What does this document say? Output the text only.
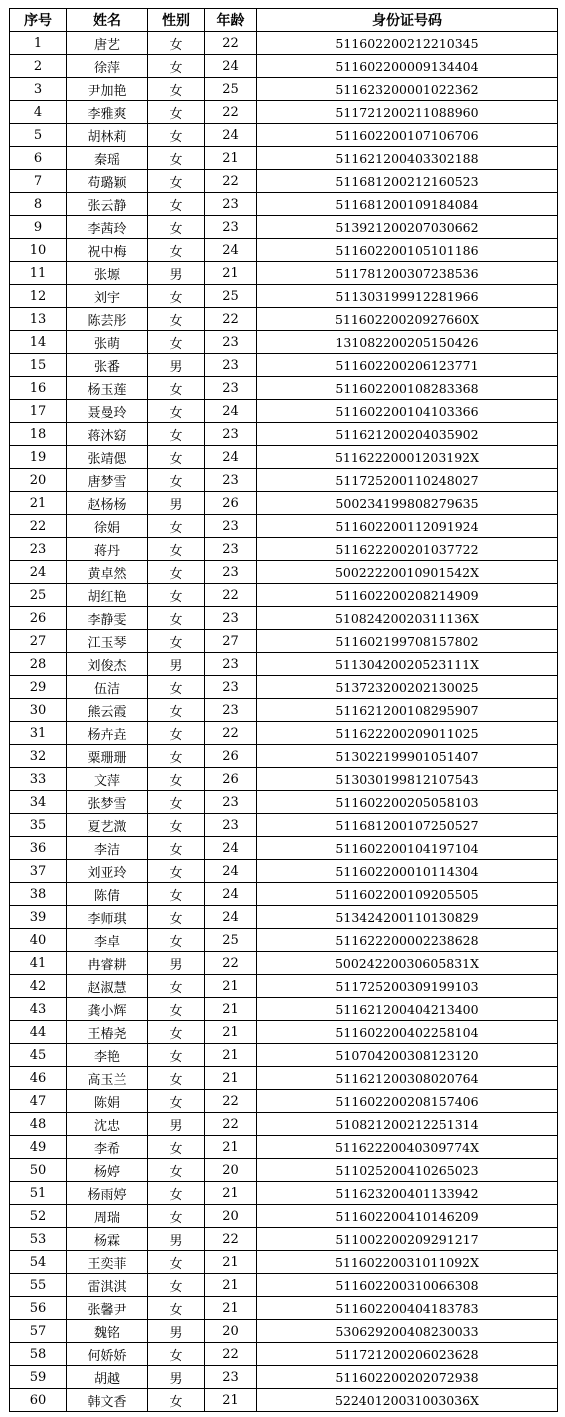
序号	姓名	性别	年龄	身份证号码
1	唐艺	女	22	511602200212210345
2	徐萍	女	24	511602200009134404
3	尹加艳	女	25	511623200001022362
4	李雅爽	女	22	511721200211088960
5	胡林莉	女	24	511602200107106706
6	秦瑶	女	21	511621200403302188
7	苟璐颖	女	22	511681200212160523
8	张云静	女	23	511681200109184084
9	李茜玲	女	23	513921200207030662
10	祝中梅	女	24	511602200105101186
11	张塬	男	21	511781200307238536
12	刘宇	女	25	511303199912281966
13	陈芸彤	女	22	51160220020927660X
14	张萌	女	23	131082200205150426
15	张番	男	23	511602200206123771
16	杨玉莲	女	23	511602200108283368
17	聂曼玲	女	24	511602200104103366
18	蒋沐窈	女	23	511621200204035902
19	张靖偲	女	24	51162220001203192X
20	唐梦雪	女	23	511725200110248027
21	赵杨杨	男	26	500234199808279635
22	徐娟	女	23	511602200112091924
23	蒋丹	女	23	511622200201037722
24	黄卓然	女	23	50022220010901542X
25	胡红艳	女	22	511602200208214909
26	李静雯	女	23	51082420020311136X
27	江玉琴	女	27	511602199708157802
28	刘俊杰	男	23	51130420020523111X
29	伍洁	女	23	513723200202130025
30	熊云霞	女	23	511621200108295907
31	杨卉垚	女	22	511622200209011025
32	粟珊珊	女	26	513022199901051407
33	文萍	女	26	513030199812107543
34	张梦雪	女	23	511602200205058103
35	夏艺溦	女	23	511681200107250527
36	李洁	女	24	511602200104197104
37	刘亚玲	女	24	511602200010114304
38	陈倩	女	24	511602200109205505
39	李师琪	女	24	513424200110130829
40	李卓	女	25	511622200002238628
41	冉睿耕	男	22	50024220030605831X
42	赵淑慧	女	21	511725200309199103
43	龚小辉	女	21	511621200404213400
44	王椿尧	女	21	511602200402258104
45	李艳	女	21	510704200308123120
46	高玉兰	女	21	511621200308020764
47	陈娟	女	22	511602200208157406
48	沈忠	男	22	510821200212251314
49	李希	女	21	51162220040309774X
50	杨婷	女	20	511025200410265023
51	杨雨婷	女	21	511623200401133942
52	周瑞	女	20	511602200410146209
53	杨霖	男	22	511002200209291217
54	王奕菲	女	21	51160220031011092X
55	雷淇淇	女	21	511602200310066308
56	张馨尹	女	21	511602200404183783
57	魏铭	男	20	530629200408230033
58	何娇娇	女	22	511721200206023628
59	胡越	男	23	511602200202072938
60	韩文香	女	21	52240120031003036X
